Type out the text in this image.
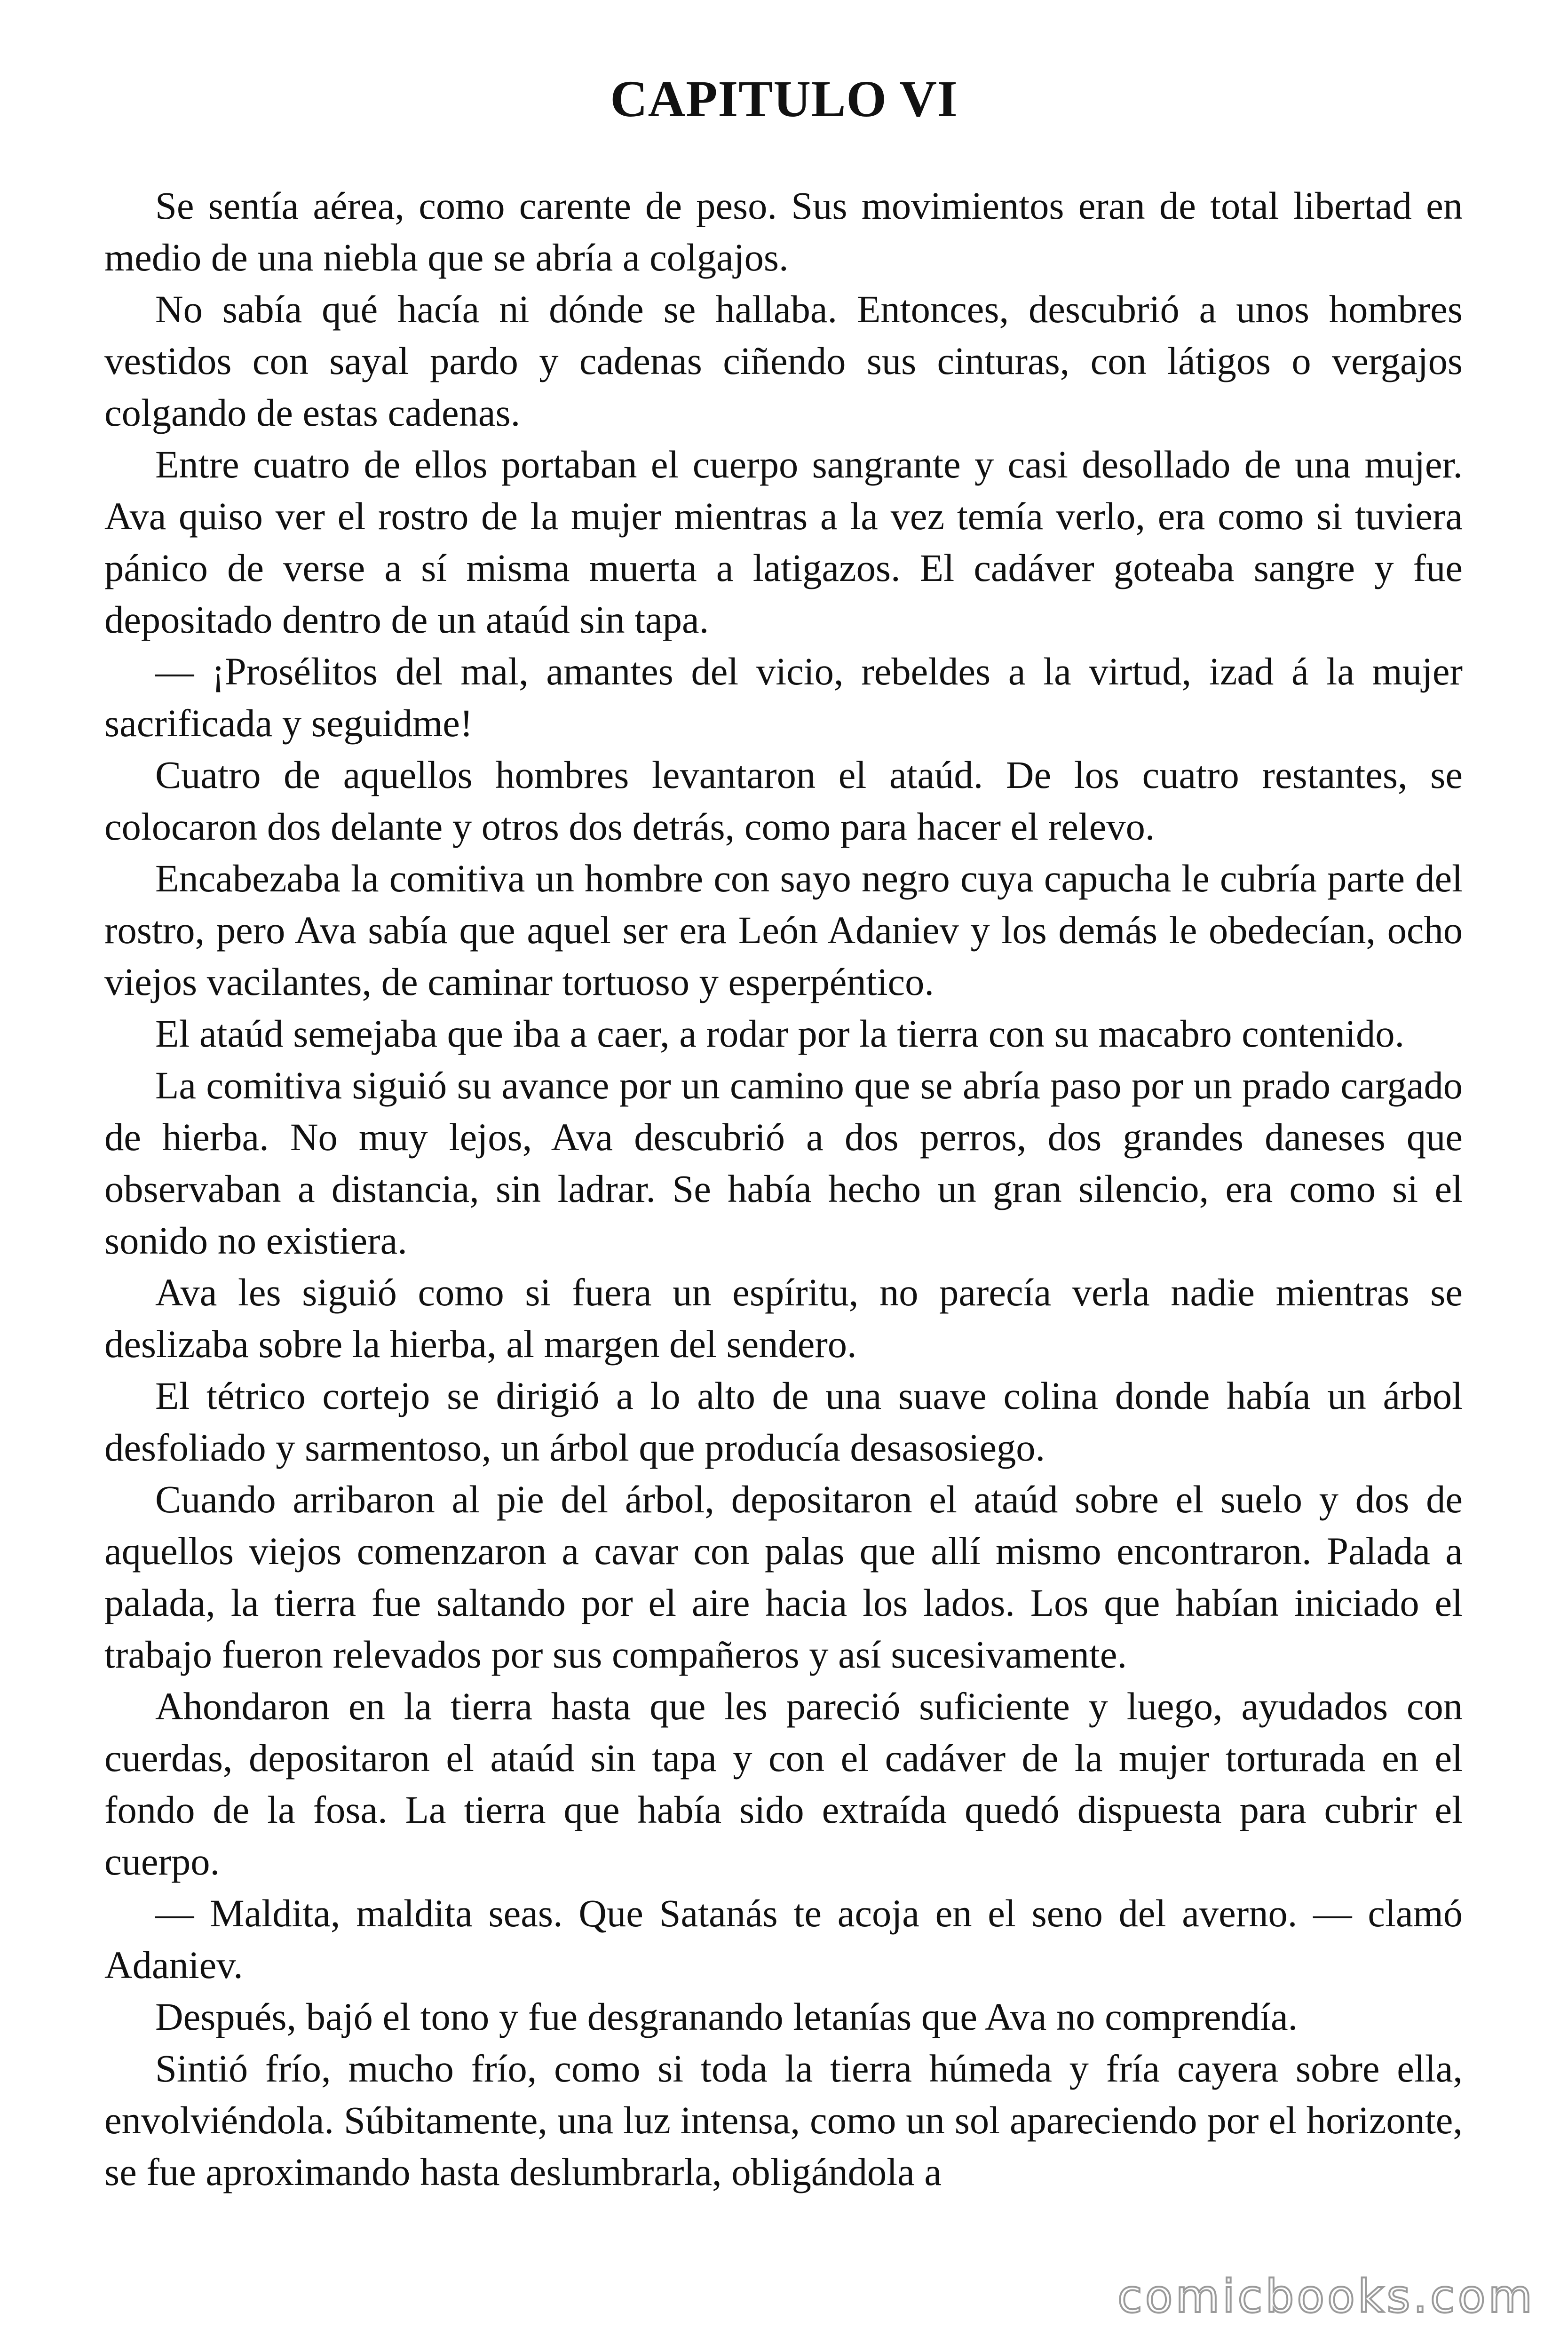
CAPITULO VI

Se sentía aérea, como carente de peso. Sus movimientos eran de total libertad en medio de una niebla que se abría a colgajos.

No sabía qué hacía ni dónde se hallaba. Entonces, descubrió a unos hombres vestidos con sayal pardo y cadenas ciñendo sus cinturas, con látigos o vergajos colgando de estas cadenas.

Entre cuatro de ellos portaban el cuerpo sangrante y casi desollado de una mujer. Ava quiso ver el rostro de la mujer mientras a la vez temía verlo, era como si tuviera pánico de verse a sí misma muerta a latigazos. El cadáver goteaba sangre y fue depositado dentro de un ataúd sin tapa.

— ¡Prosélitos del mal, amantes del vicio, rebeldes a la virtud, izad á la mujer sacrificada y seguidme!

Cuatro de aquellos hombres levantaron el ataúd. De los cuatro restantes, se colocaron dos delante y otros dos detrás, como para hacer el relevo.

Encabezaba la comitiva un hombre con sayo negro cuya capucha le cubría parte del rostro, pero Ava sabía que aquel ser era León Adaniev y los demás le obedecían, ocho viejos vacilantes, de caminar tortuoso y esperpéntico.

El ataúd semejaba que iba a caer, a rodar por la tierra con su macabro contenido.

La comitiva siguió su avance por un camino que se abría paso por un prado cargado de hierba. No muy lejos, Ava descubrió a dos perros, dos grandes daneses que observaban a distancia, sin ladrar. Se había hecho un gran silencio, era como si el sonido no existiera.

Ava les siguió como si fuera un espíritu, no parecía verla nadie mientras se deslizaba sobre la hierba, al margen del sendero.

El tétrico cortejo se dirigió a lo alto de una suave colina donde había un árbol desfoliado y sarmentoso, un árbol que producía desasosiego.

Cuando arribaron al pie del árbol, depositaron el ataúd sobre el suelo y dos de aquellos viejos comenzaron a cavar con palas que allí mismo encontraron. Palada a palada, la tierra fue saltando por el aire hacia los lados. Los que habían iniciado el trabajo fueron relevados por sus compañeros y así sucesivamente.

Ahondaron en la tierra hasta que les pareció suficiente y luego, ayudados con cuerdas, depositaron el ataúd sin tapa y con el cadáver de la mujer torturada en el fondo de la fosa. La tierra que había sido extraída quedó dispuesta para cubrir el cuerpo.

— Maldita, maldita seas. Que Satanás te acoja en el seno del averno. — clamó Adaniev.

Después, bajó el tono y fue desgranando letanías que Ava no comprendía.

Sintió frío, mucho frío, como si toda la tierra húmeda y fría cayera sobre ella, envolviéndola. Súbitamente, una luz intensa, como un sol apareciendo por el horizonte, se fue aproximando hasta deslumbrarla, obligándola a

comicbooks.com
